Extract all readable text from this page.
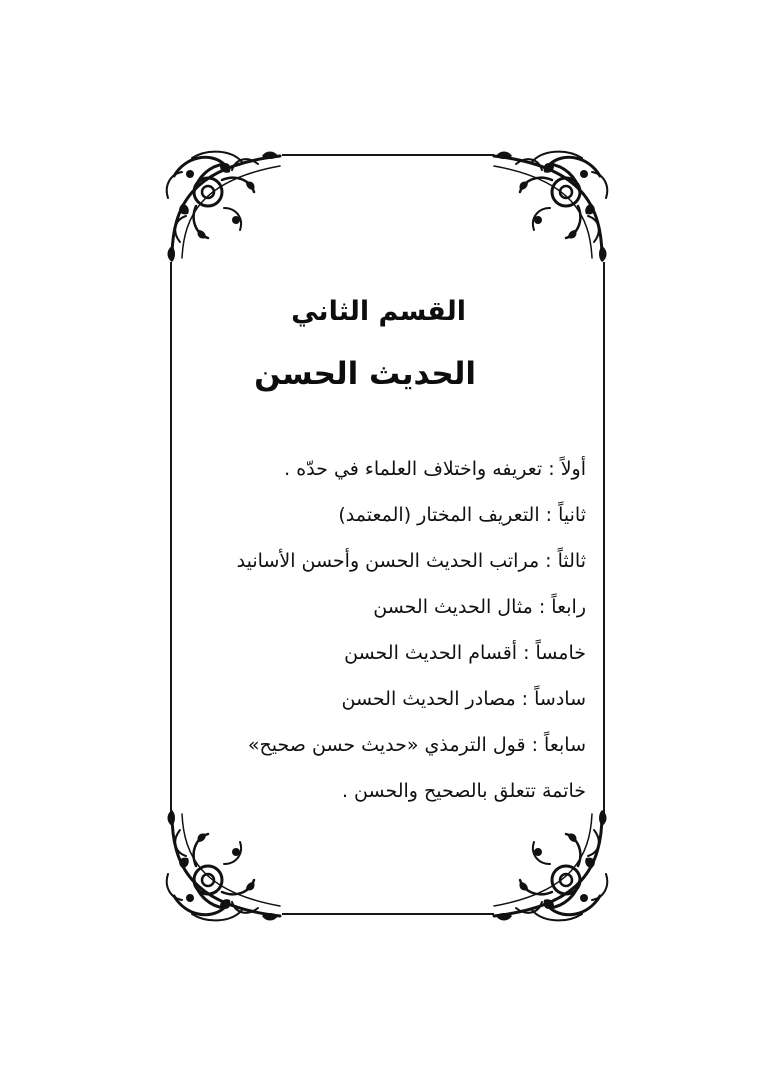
القسم الثاني
الحديث الحسن
أولاً : تعريفه واختلاف العلماء في حدّه .
ثانياً : التعريف المختار (المعتمد)
ثالثاً : مراتب الحديث الحسن وأحسن الأسانيد
رابعاً : مثال الحديث الحسن
خامساً : أقسام الحديث الحسن
سادساً : مصادر الحديث الحسن
سابعاً : قول الترمذي «حديث حسن صحيح»
خاتمة تتعلق بالصحيح والحسن .
